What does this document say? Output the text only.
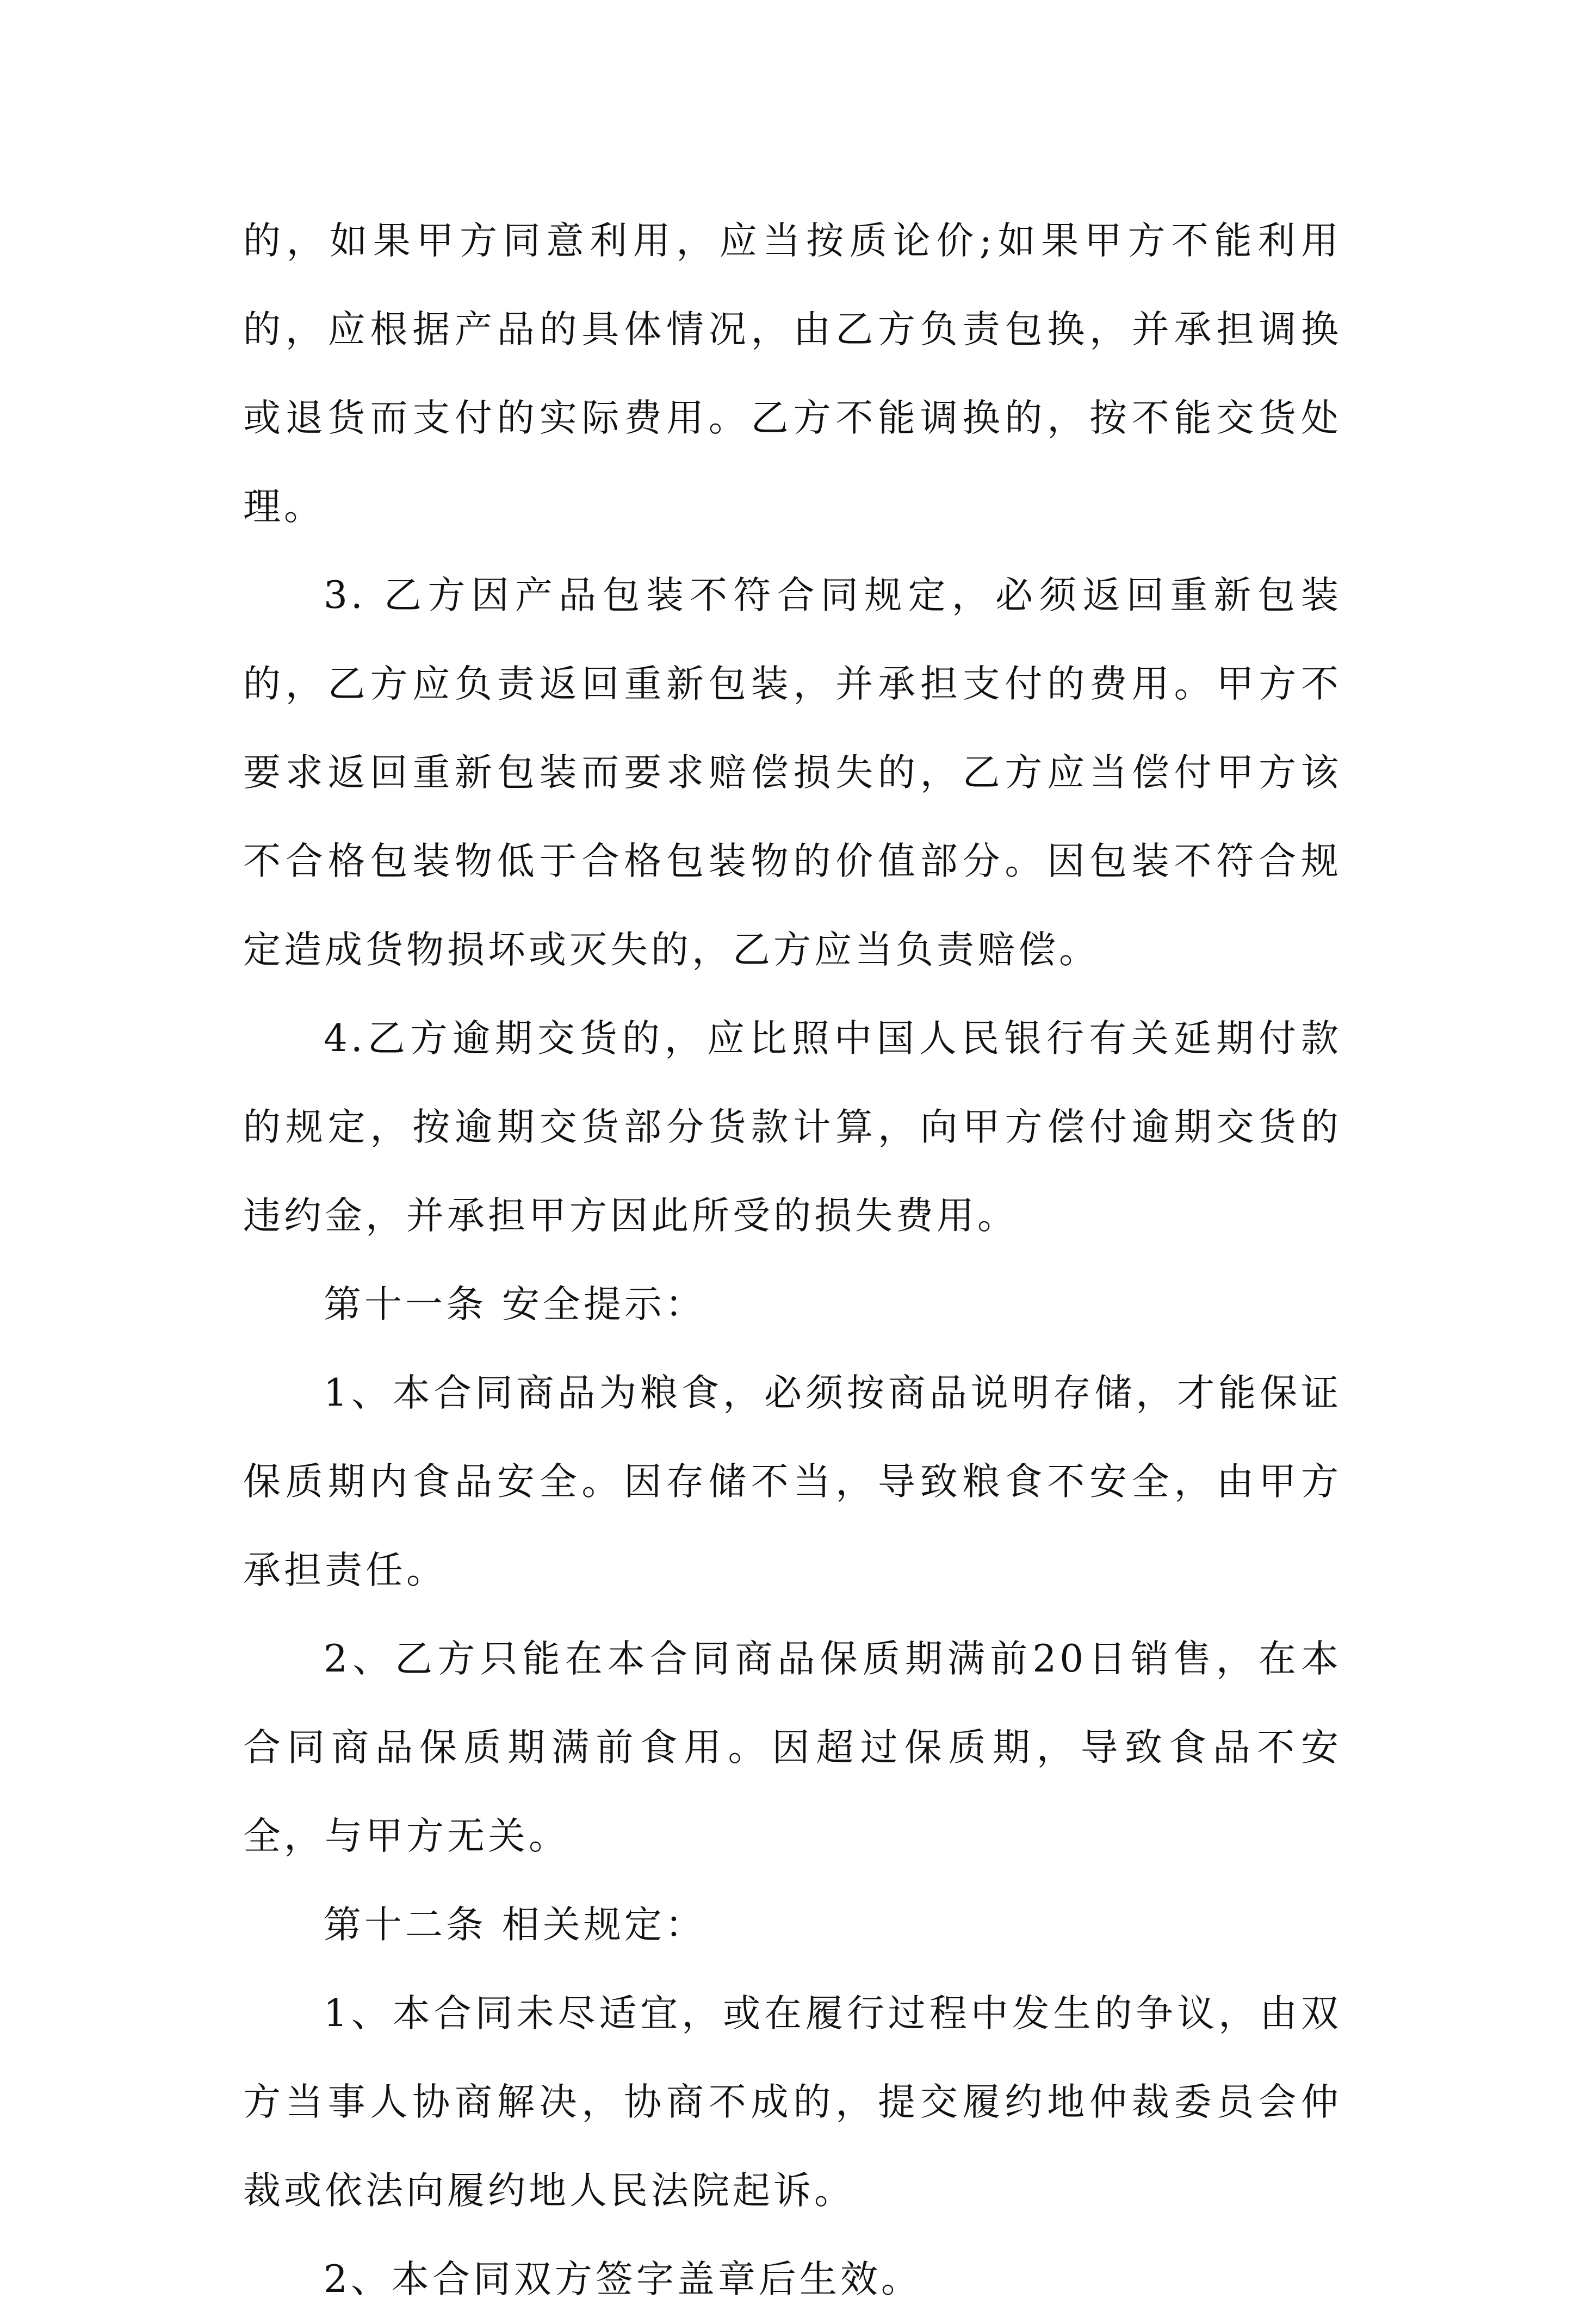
的，如果甲方同意利用，应当按质论价;如果甲方不能利用的，应根据产品的具体情况，由乙方负责包换，并承担调换或退货而支付的实际费用。乙方不能调换的，按不能交货处理。

3. 乙方因产品包装不符合同规定，必须返回重新包装的，乙方应负责返回重新包装，并承担支付的费用。甲方不要求返回重新包装而要求赔偿损失的，乙方应当偿付甲方该不合格包装物低于合格包装物的价值部分。因包装不符合规定造成货物损坏或灭失的，乙方应当负责赔偿。

4.乙方逾期交货的，应比照中国人民银行有关延期付款的规定，按逾期交货部分货款计算，向甲方偿付逾期交货的违约金，并承担甲方因此所受的损失费用。

第十一条 安全提示：

1、本合同商品为粮食，必须按商品说明存储，才能保证保质期内食品安全。因存储不当，导致粮食不安全，由甲方承担责任。

2、乙方只能在本合同商品保质期满前20日销售，在本合同商品保质期满前食用。因超过保质期，导致食品不安全，与甲方无关。

第十二条 相关规定：

1、本合同未尽适宜，或在履行过程中发生的争议，由双方当事人协商解决，协商不成的，提交履约地仲裁委员会仲裁或依法向履约地人民法院起诉。

2、本合同双方签字盖章后生效。
